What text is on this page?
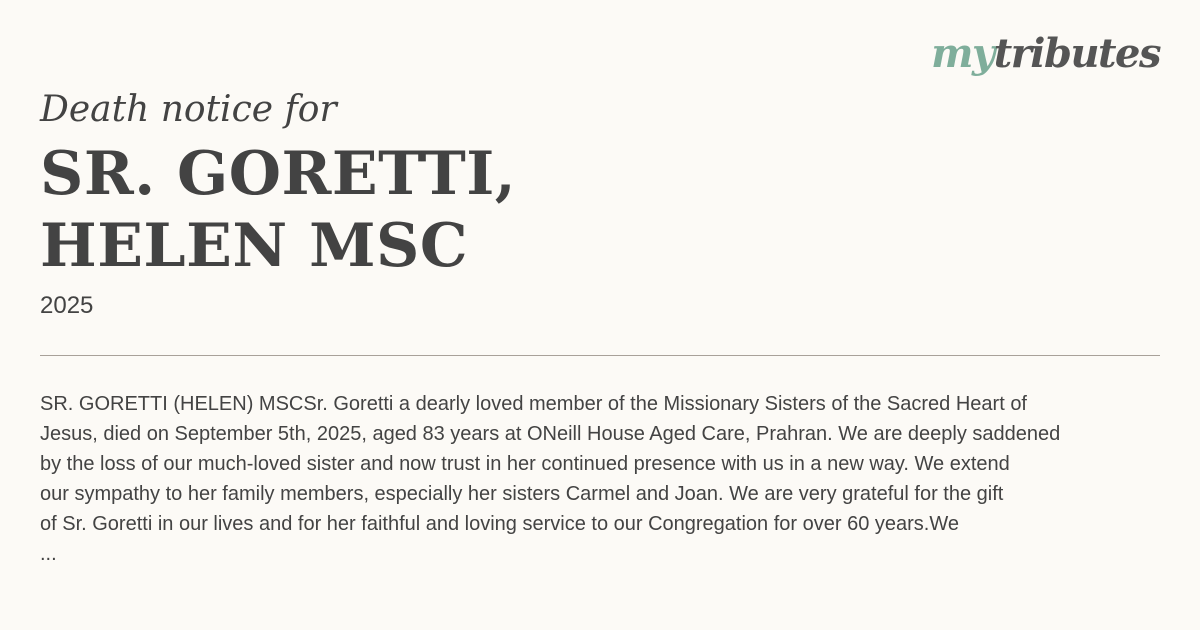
mytributes
Death notice for
SR. GORETTI,
HELEN MSC
2025

SR. GORETTI (HELEN) MSCSr. Goretti a dearly loved member of the Missionary Sisters of the Sacred Heart of

Jesus, died on September 5th, 2025, aged 83 years at ONeill House Aged Care, Prahran. We are deeply saddened

by the loss of our much-loved sister and now trust in her continued presence with us in a new way. We extend

our sympathy to her family members, especially her sisters Carmel and Joan. We are very grateful for the gift

of Sr. Goretti in our lives and for her faithful and loving service to our Congregation for over 60 years.We

...
